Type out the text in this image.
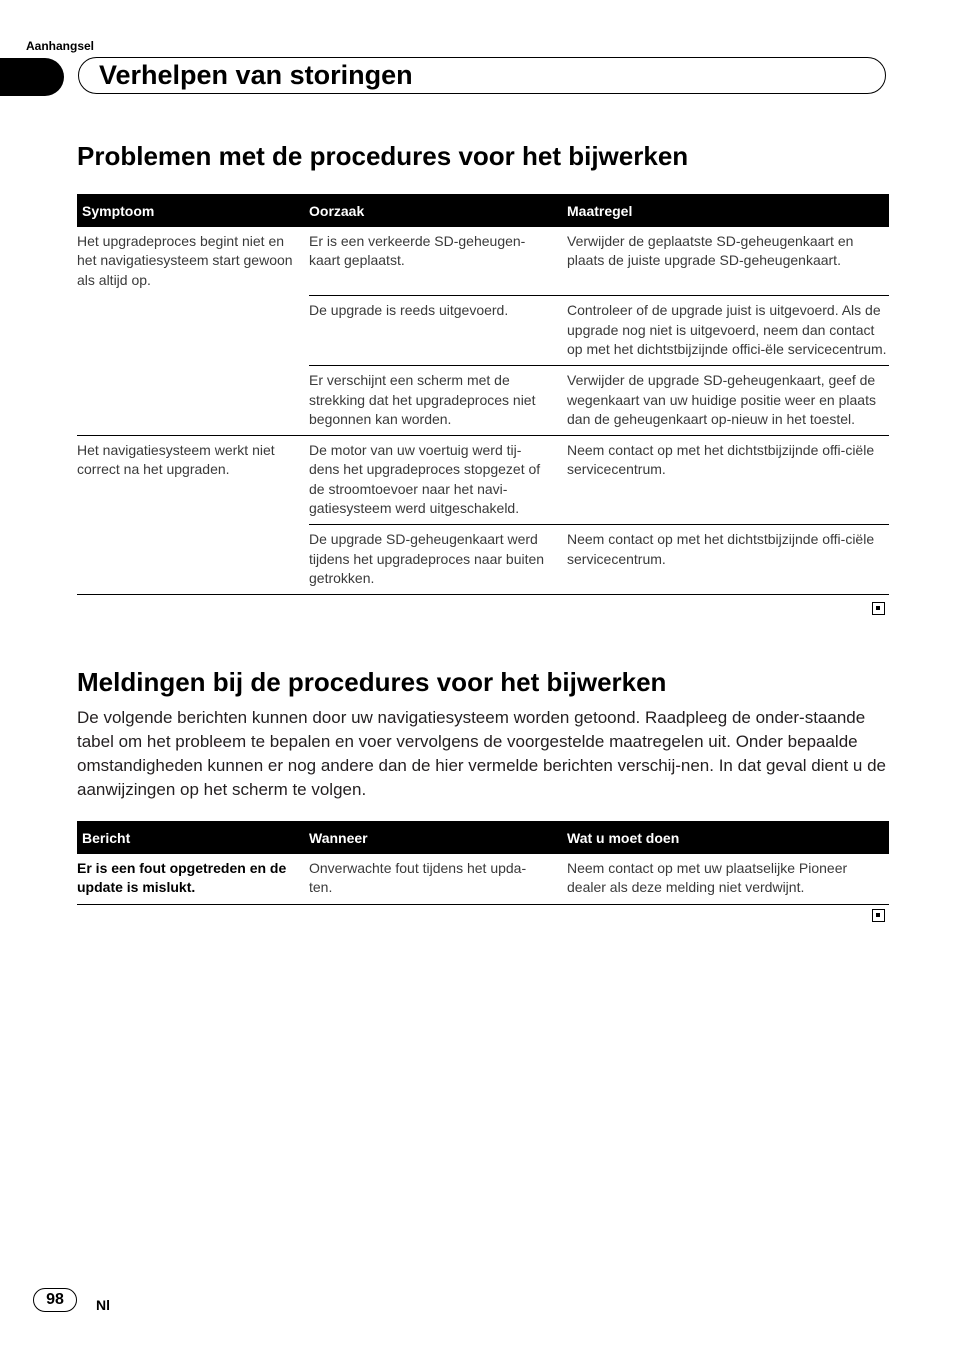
Aanhangsel
Verhelpen van storingen
Problemen met de procedures voor het bijwerken
Symptoom	Oorzaak	Maatregel
Het upgradeproces begint niet en het navigatiesysteem start gewoon als altijd op.	Er is een verkeerde SD-geheugen-kaart geplaatst.	Verwijder de geplaatste SD-geheugenkaart en plaats de juiste upgrade SD-geheugenkaart.
	De upgrade is reeds uitgevoerd.	Controleer of de upgrade juist is uitgevoerd. Als de upgrade nog niet is uitgevoerd, neem dan contact op met het dichtstbijzijnde offici-ële servicecentrum.
	Er verschijnt een scherm met de strekking dat het upgradeproces niet begonnen kan worden.	Verwijder de upgrade SD-geheugenkaart, geef de wegenkaart van uw huidige positie weer en plaats dan de geheugenkaart op-nieuw in het toestel.
Het navigatiesysteem werkt niet correct na het upgraden.	De motor van uw voertuig werd tij-dens het upgradeproces stopgezet of de stroomtoevoer naar het navi-gatiesysteem werd uitgeschakeld.	Neem contact op met het dichtstbijzijnde offi-ciële servicecentrum.
	De upgrade SD-geheugenkaart werd tijdens het upgradeproces naar buiten getrokken.	Neem contact op met het dichtstbijzijnde offi-ciële servicecentrum.
Meldingen bij de procedures voor het bijwerken
De volgende berichten kunnen door uw navigatiesysteem worden getoond. Raadpleeg de onder-staande tabel om het probleem te bepalen en voer vervolgens de voorgestelde maatregelen uit. Onder bepaalde omstandigheden kunnen er nog andere dan de hier vermelde berichten verschij-nen. In dat geval dient u de aanwijzingen op het scherm te volgen.
Bericht	Wanneer	Wat u moet doen
Er is een fout opgetreden en de update is mislukt.	Onverwachte fout tijdens het upda-ten.	Neem contact op met uw plaatselijke Pioneer dealer als deze melding niet verdwijnt.
98	Nl
